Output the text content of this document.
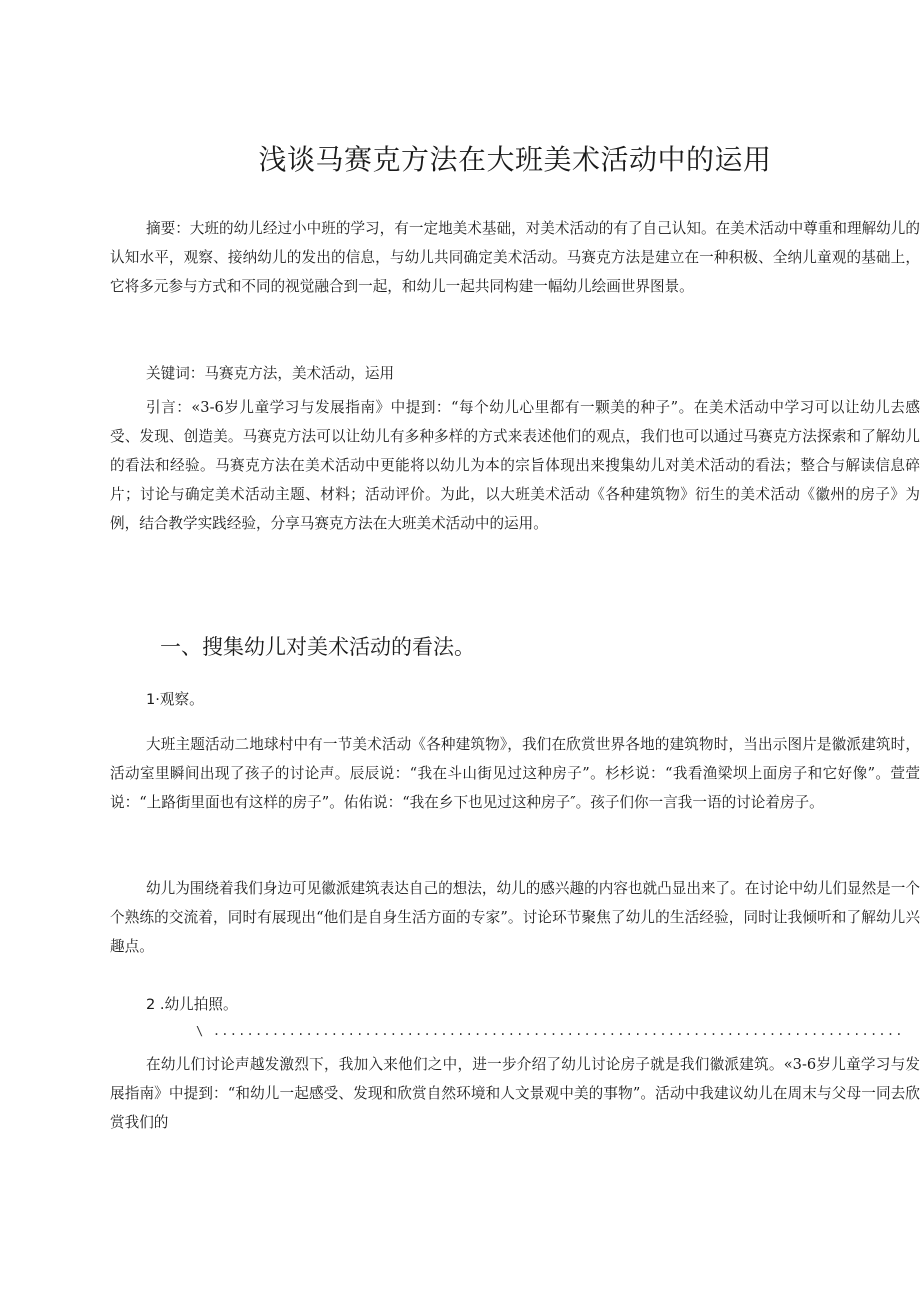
浅谈马赛克方法在大班美术活动中的运用

摘要：大班的幼儿经过小中班的学习，有一定地美术基础，对美术活动的有了自己认知。在美术活动中尊重和理解幼儿的认知水平，观察、接纳幼儿的发出的信息，与幼儿共同确定美术活动。马赛克方法是建立在一种积极、全纳儿童观的基础上，它将多元参与方式和不同的视觉融合到一起，和幼儿一起共同构建一幅幼儿绘画世界图景。

关键词：马赛克方法，美术活动，运用

引言：«3-6岁儿童学习与发展指南》中提到：“每个幼儿心里都有一颗美的种子”。在美术活动中学习可以让幼儿去感受、发现、创造美。马赛克方法可以让幼儿有多种多样的方式来表述他们的观点，我们也可以通过马赛克方法探索和了解幼儿的看法和经验。马赛克方法在美术活动中更能将以幼儿为本的宗旨体现出来搜集幼儿对美术活动的看法；整合与解读信息碎片；讨论与确定美术活动主题、材料；活动评价。为此，以大班美术活动《各种建筑物》衍生的美术活动《徽州的房子》为例，结合教学实践经验，分享马赛克方法在大班美术活动中的运用。

一、搜集幼儿对美术活动的看法。

1·观察。

大班主题活动二地球村中有一节美术活动《各种建筑物》，我们在欣赏世界各地的建筑物时，当出示图片是徽派建筑时，活动室里瞬间出现了孩子的讨论声。辰辰说：“我在斗山街见过这种房子”。杉杉说：“我看渔梁坝上面房子和它好像”。萱萱说：“上路街里面也有这样的房子”。佑佑说：“我在乡下也见过这种房子″。孩子们你一言我一语的讨论着房子。

幼儿为围绕着我们身边可见徽派建筑表达自己的想法，幼儿的感兴趣的内容也就凸显出来了。在讨论中幼儿们显然是一个个熟练的交流着，同时有展现出“他们是自身生活方面的专家”。讨论环节聚焦了幼儿的生活经验，同时让我倾听和了解幼儿兴趣点。

2 .幼儿拍照。

\ ..................................................................................

在幼儿们讨论声越发激烈下，我加入来他们之中，进一步介绍了幼儿讨论房子就是我们徽派建筑。«3-6岁儿童学习与发展指南》中提到：“和幼儿一起感受、发现和欣赏自然环境和人文景观中美的事物”。活动中我建议幼儿在周末与父母一同去欣赏我们的
